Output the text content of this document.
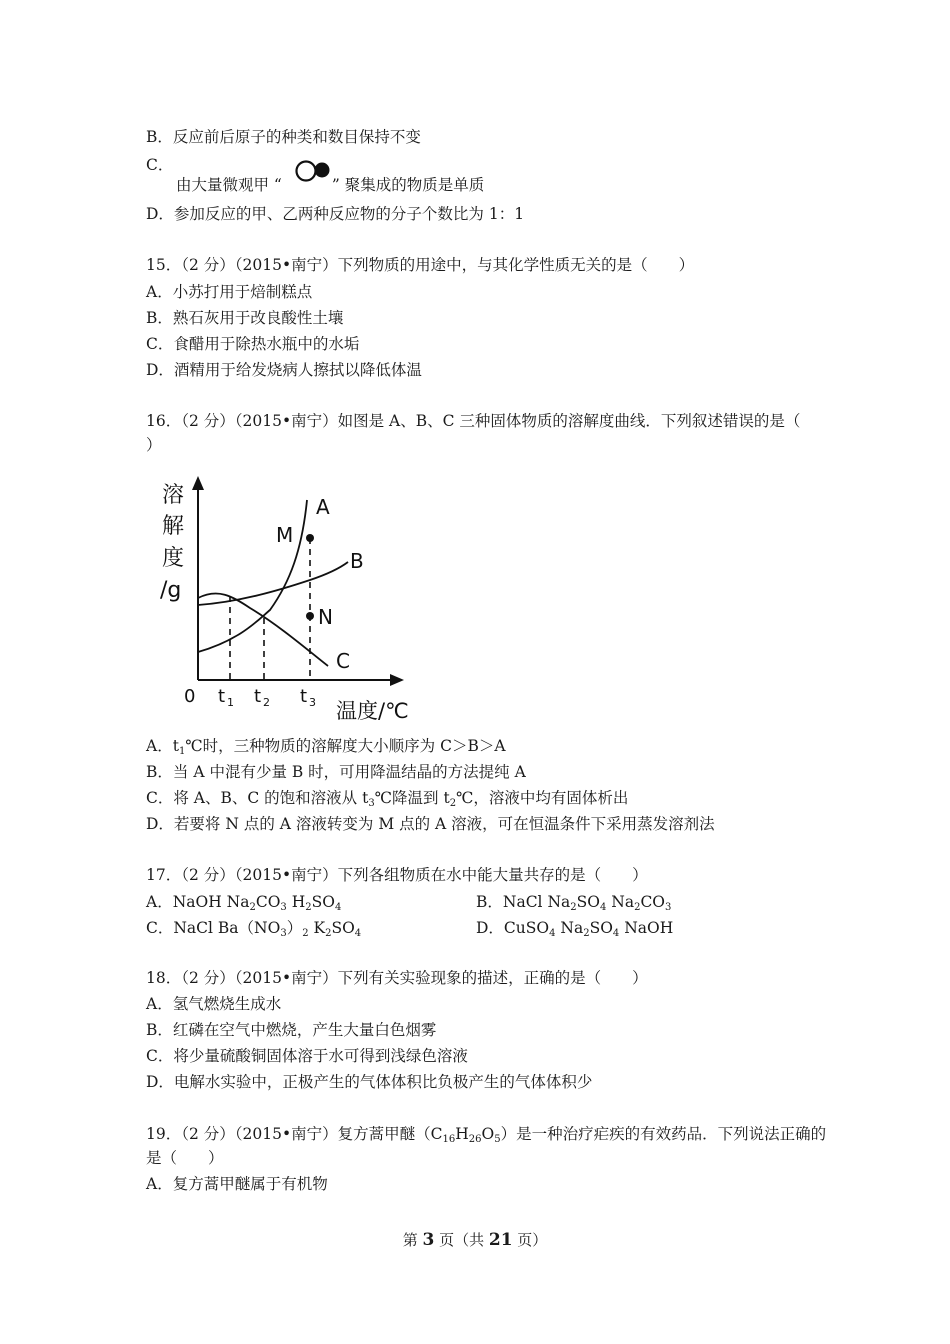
B．反应前后原子的种类和数目保持不变
C．
由大量微观甲 “	” 聚集成的物质是单质
D．参加反应的甲、乙两种反应物的分子个数比为 1：1
15．（2 分）（2015•南宁）下列物质的用途中，与其化学性质无关的是（　　）
A．小苏打用于焙制糕点
B．熟石灰用于改良酸性土壤
C．食醋用于除热水瓶中的水垢
D．酒精用于给发烧病人擦拭以降低体温
16．（2 分）（2015•南宁）如图是 A、B、C 三种固体物质的溶解度曲线．下列叙述错误的是（
）
溶
解
度
/g
A
B
C
M
N
0 t 1 t 2 t 3 温度/℃
A．$t_1℃$时，三种物质的溶解度大小顺序为 C＞B＞A
B．当 A 中混有少量 B 时，可用降温结晶的方法提纯 A
C．将 A、B、C 的饱和溶液从 $t_3℃$降温到 $t_2℃$，溶液中均有固体析出
D．若要将 N 点的 A 溶液转变为 M 点的 A 溶液，可在恒温条件下采用蒸发溶剂法
17．（2 分）（2015•南宁）下列各组物质在水中能大量共存的是（　　）
A．NaOH $Na_2CO_3$ $H_2SO_4$	B．NaCl $Na_2SO_4$ $Na_2CO_3$
C．NaCl $Ba(NO_3)_2$ $K_2SO_4$	D．CuSO$_4$ $Na_2SO_4$ NaOH
18．（2 分）（2015•南宁）下列有关实验现象的描述，正确的是（　　）
A．氢气燃烧生成水
B．红磷在空气中燃烧，产生大量白色烟雾
C．将少量硫酸铜固体溶于水可得到浅绿色溶液
D．电解水实验中，正极产生的气体体积比负极产生的气体体积少
19．（2 分）（2015•南宁）复方蒿甲醚$(C_{16}H_{26}O_5)$是一种治疗疟疾的有效药品．下列说法正确的
是（　　）
A．复方蒿甲醚属于有机物
第 3 页（共 21 页）
